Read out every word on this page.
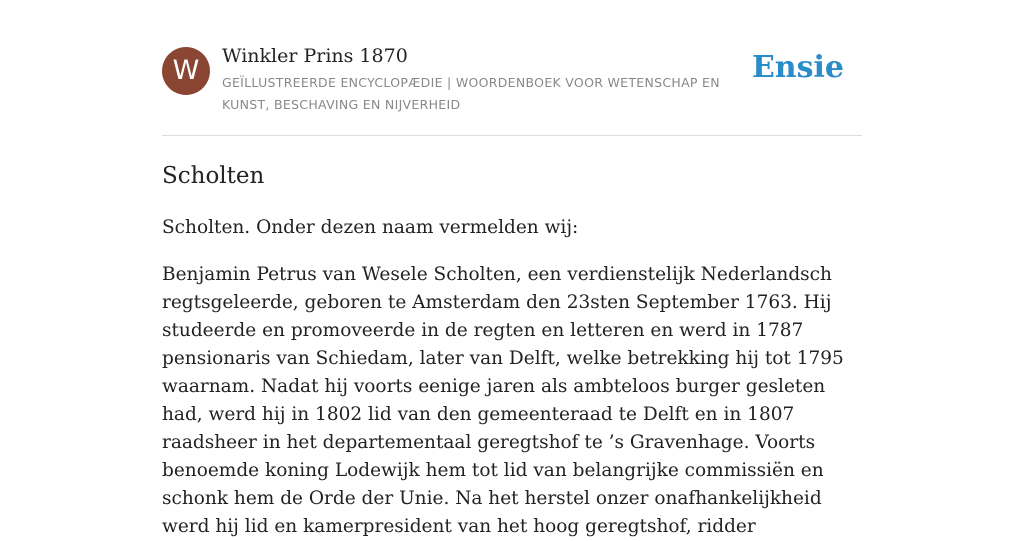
W	Winkler Prins 1870
GEÏLLUSTREERDE ENCYCLOPÆDIE | WOORDENBOEK VOOR WETENSCHAP EN KUNST, BESCHAVING EN NIJVERHEID
Ensie
Scholten

Scholten. Onder dezen naam vermelden wij:

Benjamin Petrus van Wesele Scholten, een verdienstelijk Nederlandsch regtsgeleerde, geboren te Amsterdam den 23sten September 1763. Hij studeerde en promoveerde in de regten en letteren en werd in 1787 pensionaris van Schiedam, later van Delft, welke betrekking hij tot 1795 waarnam. Nadat hij voorts eenige jaren als ambteloos burger gesleten had, werd hij in 1802 lid van den gemeenteraad te Delft en in 1807 raadsheer in het departementaal geregtshof te ’s Gravenhage. Voorts benoemde koning Lodewijk hem tot lid van belangrijke commissiën en schonk hem de Orde der Unie. Na het herstel onzer onafhankelijkheid werd hij lid en kamerpresident van het hoog geregtshof, ridder
